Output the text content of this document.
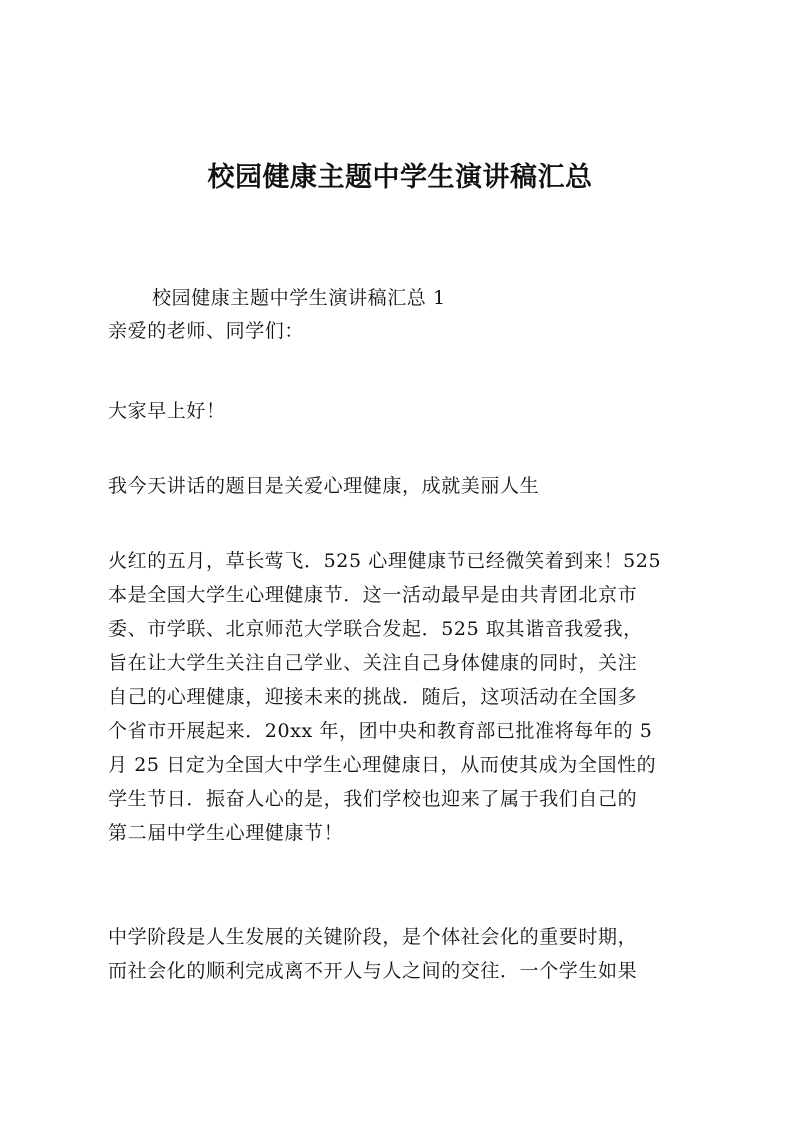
校园健康主题中学生演讲稿汇总
校园健康主题中学生演讲稿汇总 1
亲爱的老师、同学们：
大家早上好！
我今天讲话的题目是关爱心理健康，成就美丽人生
火红的五月，草长莺飞．525 心理健康节已经微笑着到来！525
本是全国大学生心理健康节．这一活动最早是由共青团北京市
委、市学联、北京师范大学联合发起．525 取其谐音我爱我，
旨在让大学生关注自己学业、关注自己身体健康的同时，关注
自己的心理健康，迎接未来的挑战．随后，这项活动在全国多
个省市开展起来．20xx 年，团中央和教育部已批准将每年的 5
月 25 日定为全国大中学生心理健康日，从而使其成为全国性的
学生节日．振奋人心的是，我们学校也迎来了属于我们自己的
第二届中学生心理健康节！
中学阶段是人生发展的关键阶段，是个体社会化的重要时期，
而社会化的顺利完成离不开人与人之间的交往．一个学生如果
